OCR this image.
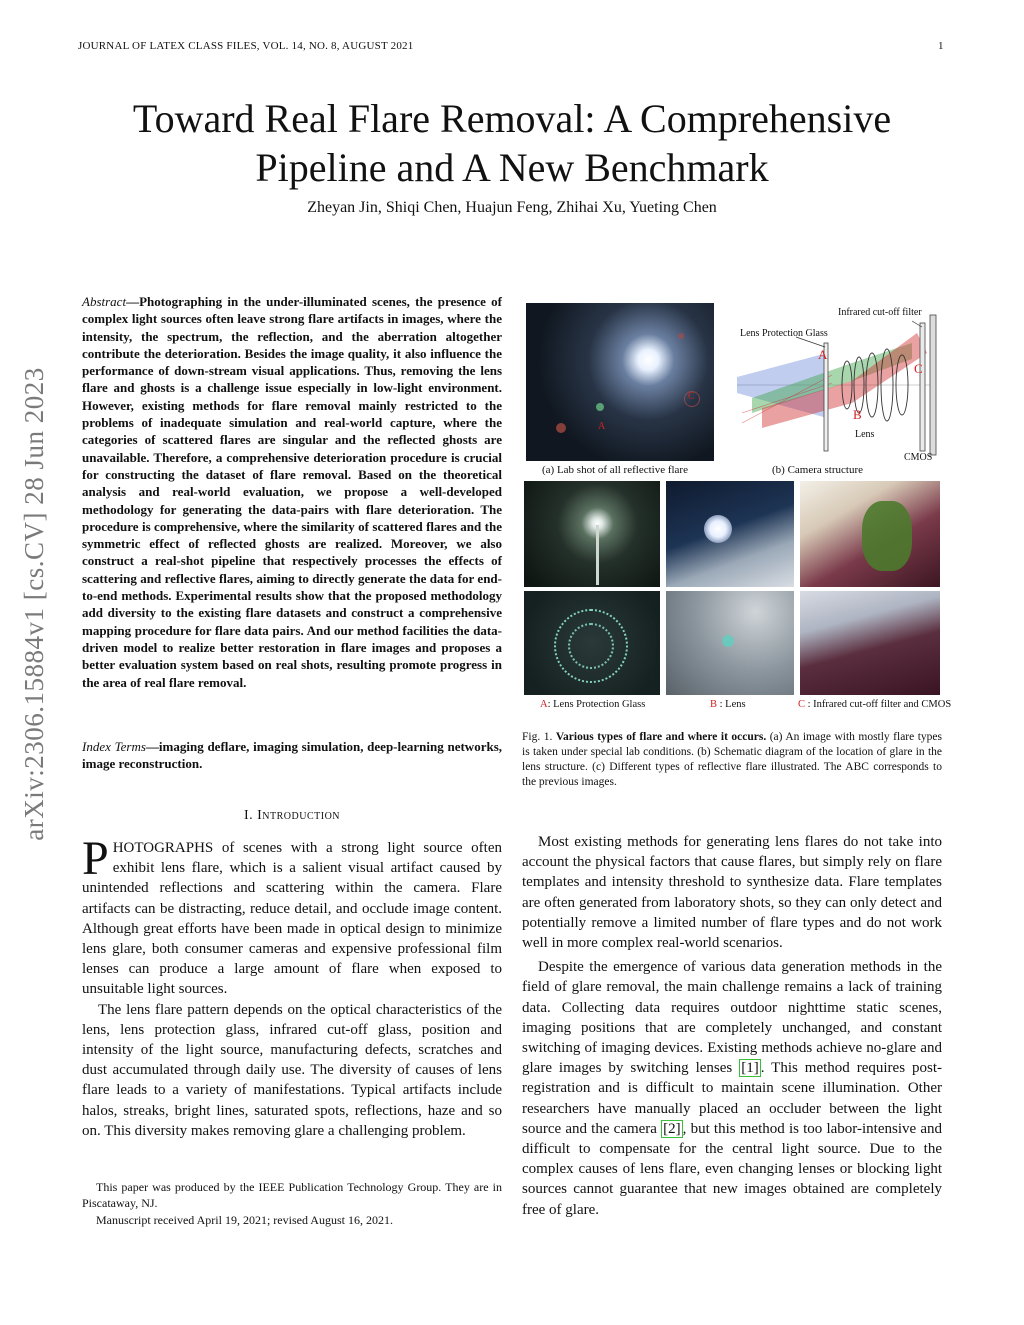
JOURNAL OF LATEX CLASS FILES, VOL. 14, NO. 8, AUGUST 2021	1
Toward Real Flare Removal: A Comprehensive Pipeline and A New Benchmark
Zheyan Jin, Shiqi Chen, Huajun Feng, Zhihai Xu, Yueting Chen
arXiv:2306.15884v1 [cs.CV] 28 Jun 2023
Abstract—Photographing in the under-illuminated scenes, the presence of complex light sources often leave strong flare artifacts in images, where the intensity, the spectrum, the reflection, and the aberration altogether contribute the deterioration. Besides the image quality, it also influence the performance of down-stream visual applications. Thus, removing the lens flare and ghosts is a challenge issue especially in low-light environment. However, existing methods for flare removal mainly restricted to the problems of inadequate simulation and real-world capture, where the categories of scattered flares are singular and the reflected ghosts are unavailable. Therefore, a comprehensive deterioration procedure is crucial for constructing the dataset of flare removal. Based on the theoretical analysis and real-world evaluation, we propose a well-developed methodology for generating the data-pairs with flare deterioration. The procedure is comprehensive, where the similarity of scattered flares and the symmetric effect of reflected ghosts are realized. Moreover, we also construct a real-shot pipeline that respectively processes the effects of scattering and reflective flares, aiming to directly generate the data for end-to-end methods. Experimental results show that the proposed methodology add diversity to the existing flare datasets and construct a comprehensive mapping procedure for flare data pairs. And our method facilities the data-driven model to realize better restoration in flare images and proposes a better evaluation system based on real shots, resulting promote progress in the area of real flare removal.
Index Terms—imaging deflare, imaging simulation, deep-learning networks, image reconstruction.
I. Introduction

PHOTOGRAPHS of scenes with a strong light source often exhibit lens flare, which is a salient visual artifact caused by unintended reflections and scattering within the camera. Flare artifacts can be distracting, reduce detail, and occlude image content. Although great efforts have been made in optical design to minimize lens glare, both consumer cameras and expensive professional film lenses can produce a large amount of flare when exposed to unsuitable light sources.

The lens flare pattern depends on the optical characteristics of the lens, lens protection glass, infrared cut-off glass, position and intensity of the light source, manufacturing defects, scratches and dust accumulated through daily use. The diversity of causes of lens flare leads to a variety of manifestations. Typical artifacts include halos, streaks, bright lines, saturated spots, reflections, haze and so on. This diversity makes removing glare a challenging problem.

This paper was produced by the IEEE Publication Technology Group. They are in Piscataway, NJ.

Manuscript received April 19, 2021; revised August 16, 2021.

A
C
(a) Lab shot of all reflective flare
Infrared cut-off filter
Lens Protection Glass
A
B
C
Lens
CMOS
(b) Camera structure
A: Lens Protection Glass	B : Lens	C : Infrared cut-off filter and CMOS
Fig. 1. Various types of flare and where it occurs. (a) An image with mostly flare types is taken under special lab conditions. (b) Schematic diagram of the location of glare in the lens structure. (c) Different types of reflective flare illustrated. The ABC corresponds to the previous images.

Most existing methods for generating lens flares do not take into account the physical factors that cause flares, but simply rely on flare templates and intensity threshold to synthesize data. Flare templates are often generated from laboratory shots, so they can only detect and potentially remove a limited number of flare types and do not work well in more complex real-world scenarios.

Despite the emergence of various data generation methods in the field of glare removal, the main challenge remains a lack of training data. Collecting data requires outdoor nighttime static scenes, imaging positions that are completely unchanged, and constant switching of imaging devices. Existing methods achieve no-glare and glare images by switching lenses [1] . This method requires post-registration and is difficult to maintain scene illumination. Other researchers have manually placed an occluder between the light source and the camera [2] , but this method is too labor-intensive and difficult to compensate for the central light source. Due to the complex causes of lens flare, even changing lenses or blocking light sources cannot guarantee that new images obtained are completely free of glare.
